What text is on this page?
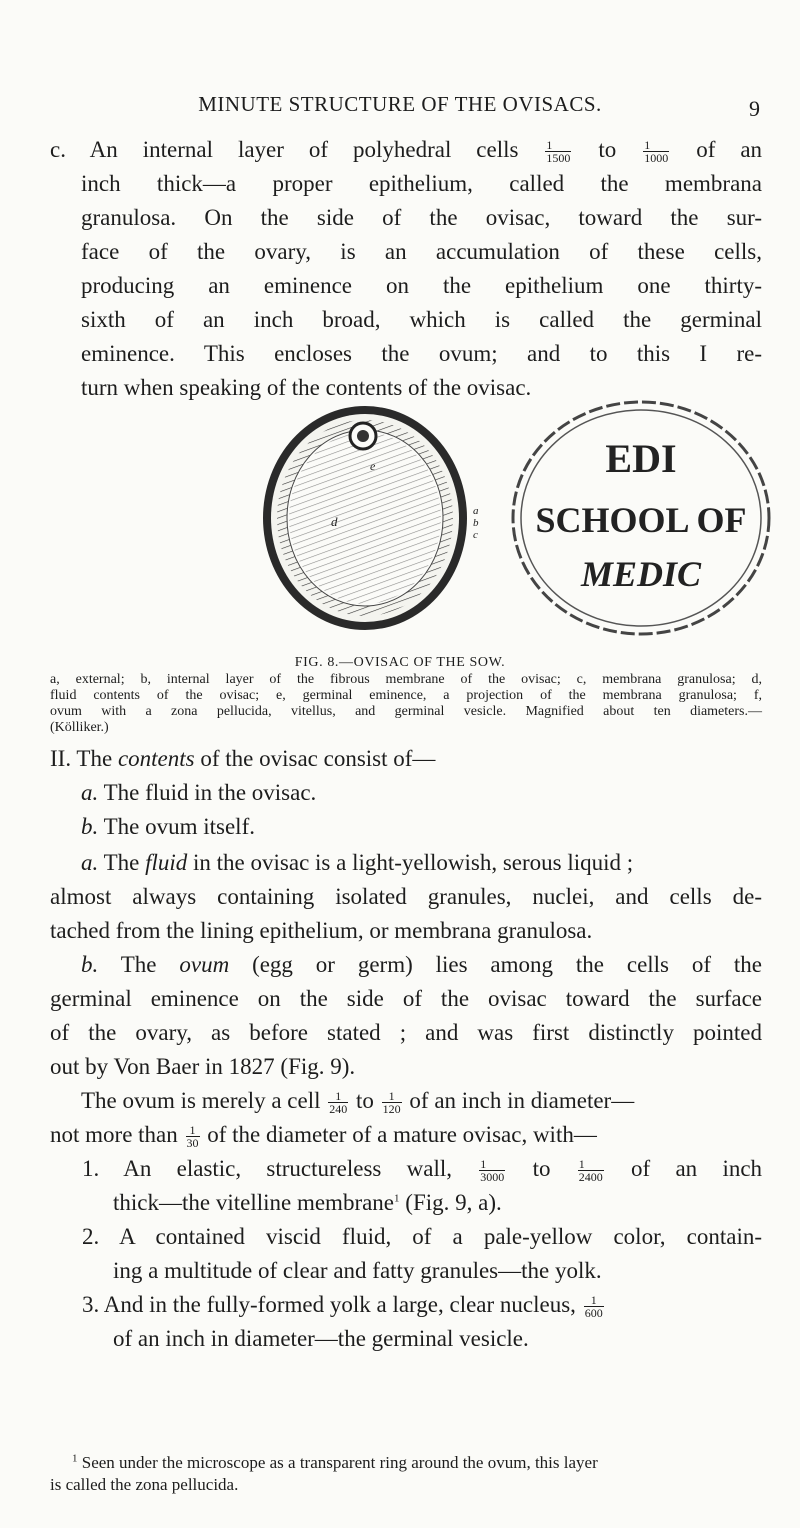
MINUTE STRUCTURE OF THE OVISACS.	9
c. An internal layer of polyhedral cells $\frac{1}{1500}$ to $\frac{1}{1000}$ of an
inch thick—a proper epithelium, called the membrana
granulosa. On the side of the ovisac, toward the sur-
face of the ovary, is an accumulation of these cells,
producing an eminence on the epithelium one thirty-
sixth of an inch broad, which is called the germinal
eminence. This encloses the ovum; and to this I re-
turn when speaking of the contents of the ovisac.
e
d
a
b
c
EDI
SCHOOL OF
MEDIC
FIG. 8.—OVISAC OF THE SOW.
a, external; b, internal layer of the fibrous membrane of the ovisac; c, membrana granulosa; d,
fluid contents of the ovisac; e, germinal eminence, a projection of the membrana granulosa; f,
ovum with a zona pellucida, vitellus, and germinal vesicle. Magnified about ten diameters.—
(Kölliker.)
II. The contents of the ovisac consist of—
a. The fluid in the ovisac.
b. The ovum itself.
a. The fluid in the ovisac is a light-yellowish, serous liquid ;
almost always containing isolated granules, nuclei, and cells de-
tached from the lining epithelium, or membrana granulosa.
b. The ovum (egg or germ) lies among the cells of the
germinal eminence on the side of the ovisac toward the surface
of the ovary, as before stated ; and was first distinctly pointed
out by Von Baer in 1827 (Fig. 9).
The ovum is merely a cell $\frac{1}{240}$ to $\frac{1}{120}$ of an inch in diameter—
not more than $\frac{1}{30}$ of the diameter of a mature ovisac, with—
1. An elastic, structureless wall, $\frac{1}{3000}$ to $\frac{1}{2400}$ of an inch
thick—the vitelline membrane$^1$ (Fig. 9, a).
2. A contained viscid fluid, of a pale-yellow color, contain-
ing a multitude of clear and fatty granules—the yolk.
3. And in the fully-formed yolk a large, clear nucleus, $\frac{1}{600}$
of an inch in diameter—the germinal vesicle.
$^1$ Seen under the microscope as a transparent ring around the ovum, this layer
is called the zona pellucida.
